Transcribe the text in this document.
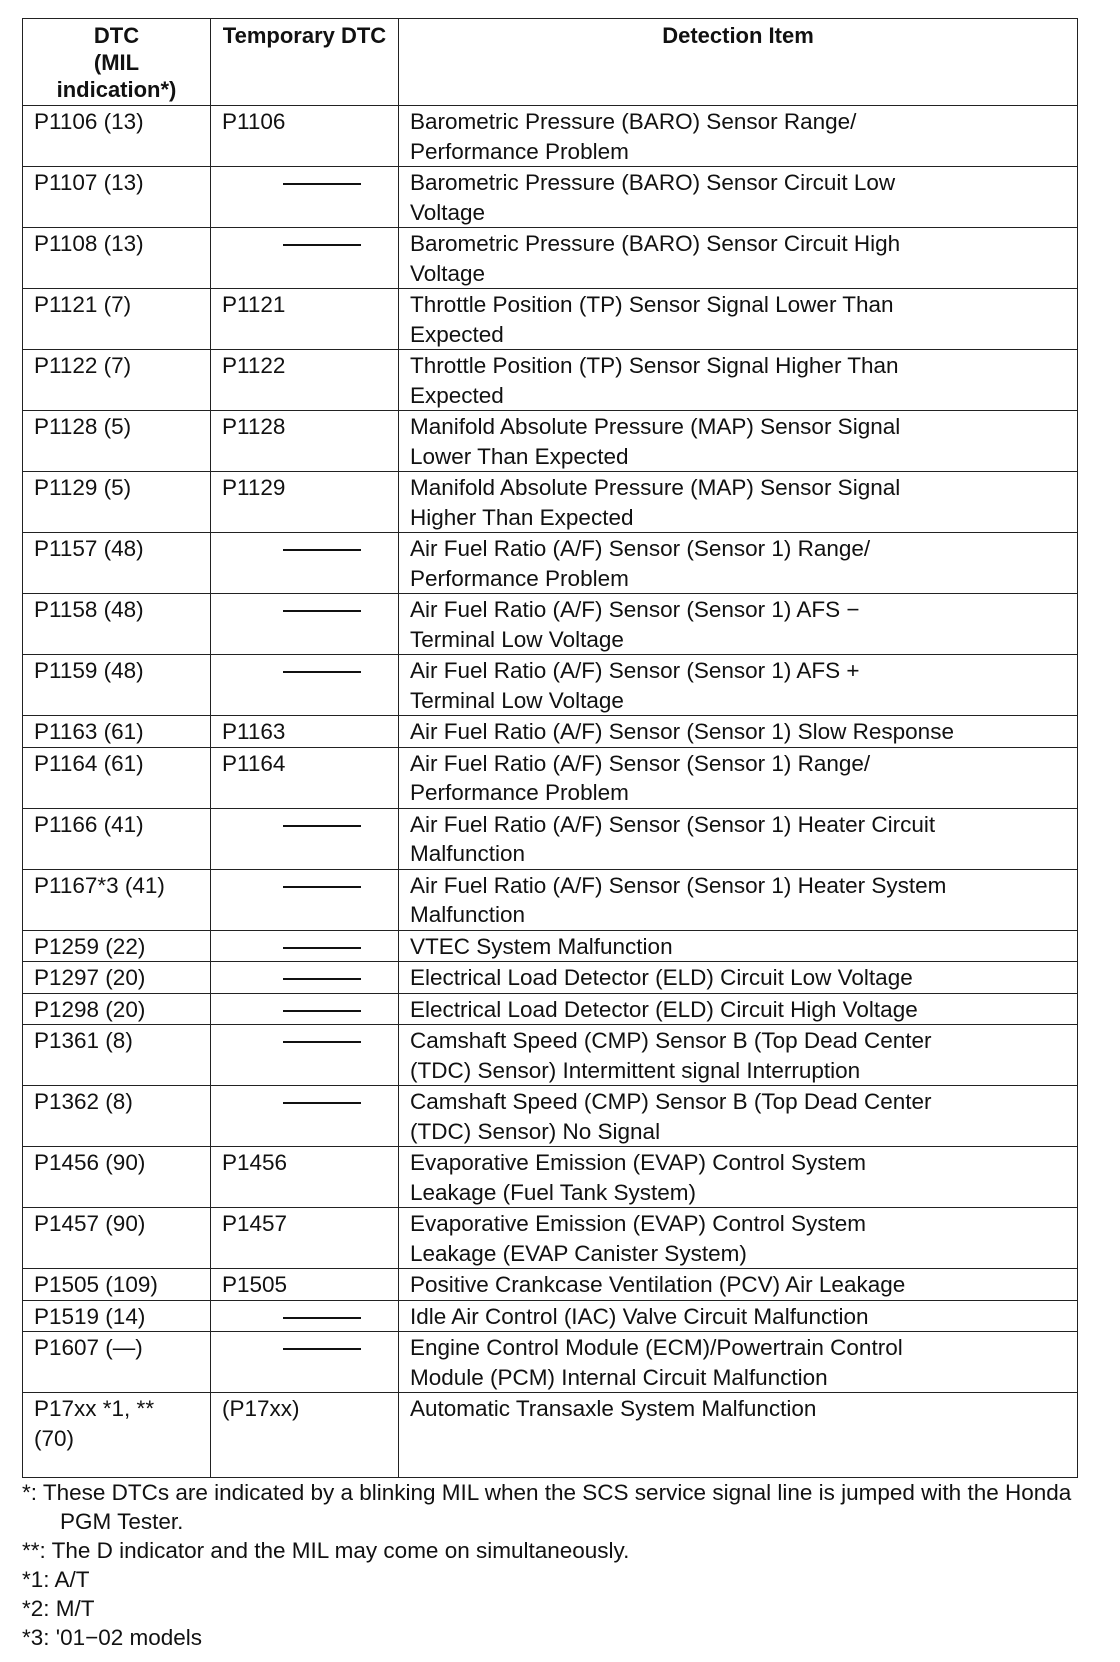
DTC
(MIL
indication*)	Temporary DTC	Detection Item
P1106 (13)	P1106	Barometric Pressure (BARO) Sensor Range/
Performance Problem

P1107 (13)		Barometric Pressure (BARO) Sensor Circuit Low
Voltage

P1108 (13)		Barometric Pressure (BARO) Sensor Circuit High
Voltage

P1121 (7)	P1121	Throttle Position (TP) Sensor Signal Lower Than
Expected

P1122 (7)	P1122	Throttle Position (TP) Sensor Signal Higher Than
Expected

P1128 (5)	P1128	Manifold Absolute Pressure (MAP) Sensor Signal
Lower Than Expected

P1129 (5)	P1129	Manifold Absolute Pressure (MAP) Sensor Signal
Higher Than Expected

P1157 (48)		Air Fuel Ratio (A/F) Sensor (Sensor 1) Range/
Performance Problem

P1158 (48)		Air Fuel Ratio (A/F) Sensor (Sensor 1) AFS −
Terminal Low Voltage

P1159 (48)		Air Fuel Ratio (A/F) Sensor (Sensor 1) AFS +
Terminal Low Voltage

P1163 (61)	P1163	Air Fuel Ratio (A/F) Sensor (Sensor 1) Slow Response

P1164 (61)	P1164	Air Fuel Ratio (A/F) Sensor (Sensor 1) Range/
Performance Problem

P1166 (41)		Air Fuel Ratio (A/F) Sensor (Sensor 1) Heater Circuit
Malfunction

P1167*3 (41)		Air Fuel Ratio (A/F) Sensor (Sensor 1) Heater System
Malfunction

P1259 (22)		VTEC System Malfunction

P1297 (20)		Electrical Load Detector (ELD) Circuit Low Voltage

P1298 (20)		Electrical Load Detector (ELD) Circuit High Voltage

P1361 (8)		Camshaft Speed (CMP) Sensor B (Top Dead Center
(TDC) Sensor) Intermittent signal Interruption

P1362 (8)		Camshaft Speed (CMP) Sensor B (Top Dead Center
(TDC) Sensor) No Signal

P1456 (90)	P1456	Evaporative Emission (EVAP) Control System
Leakage (Fuel Tank System)

P1457 (90)	P1457	Evaporative Emission (EVAP) Control System
Leakage (EVAP Canister System)

P1505 (109)	P1505	Positive Crankcase Ventilation (PCV) Air Leakage

P1519 (14)		Idle Air Control (IAC) Valve Circuit Malfunction

P1607 (—)		Engine Control Module (ECM)/Powertrain Control
Module (PCM) Internal Circuit Malfunction

P17xx *1, **
(70)	(P17xx)	Automatic Transaxle System Malfunction

*: These DTCs are indicated by a blinking MIL when the SCS service signal line is jumped with the Honda PGM Tester.

**: The D indicator and the MIL may come on simultaneously.

*1: A/T

*2: M/T

*3: '01−02 models
